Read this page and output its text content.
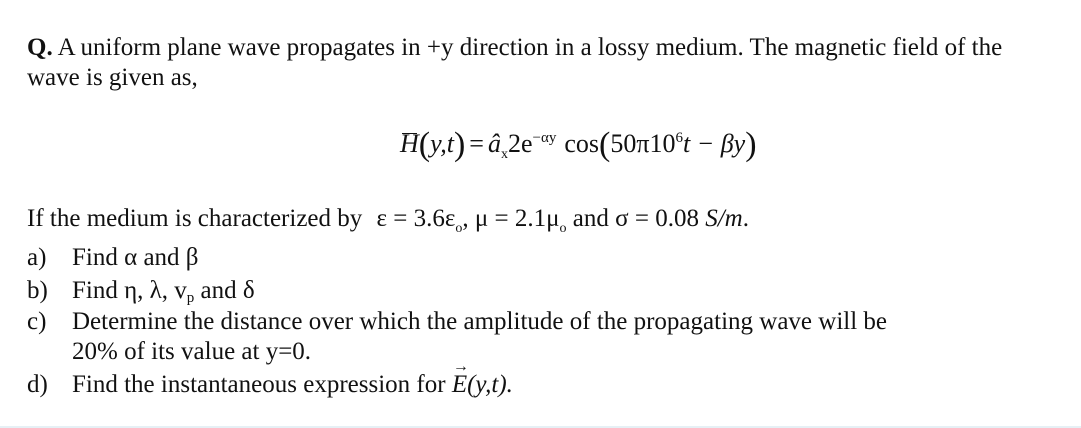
Q. A uniform plane wave propagates in +y direction in a lossy medium. The magnetic field of the wave is given as,
$H(y,t) = â_x2e^{-\alpha y}$ $\cos(50\pi 10^6t - \beta y)$
If the medium is characterized by $\varepsilon = 3.6\varepsilon_o$, $\mu = 2.1\mu_o$ and σ = 0.08 S/m.
a) Find α and β
b) Find η, λ, $v_p$ and δ
c) Determine the distance over which the amplitude of the propagating wave will be
20% of its value at y=0.
d) Find the instantaneous expression for → E(y,t).
